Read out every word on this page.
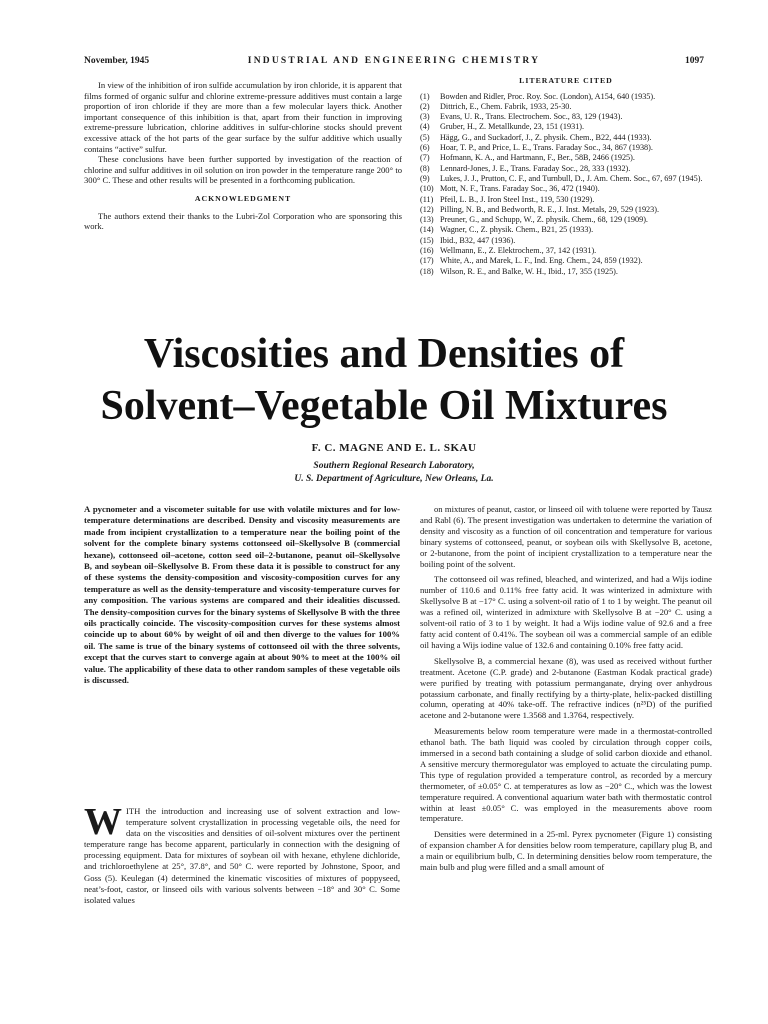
November, 1945	INDUSTRIAL AND ENGINEERING CHEMISTRY	1097

In view of the inhibition of iron sulfide accumulation by iron chloride, it is apparent that films formed of organic sulfur and chlorine extreme-pressure additives must contain a large proportion of iron chloride if they are more than a few molecular layers thick. Another important consequence of this inhibition is that, apart from their function in improving extreme-pressure lubrication, chlorine additives in sulfur-chlorine stocks should prevent excessive attack of the hot parts of the gear surface by the sulfur additive which usually contains “active” sulfur.

These conclusions have been further supported by investigation of the reaction of chlorine and sulfur additives in oil solution on iron powder in the temperature range 200° to 300° C. These and other results will be presented in a forthcoming publication.

ACKNOWLEDGMENT

The authors extend their thanks to the Lubri-Zol Corporation who are sponsoring this work.

LITERATURE CITED
(1) Bowden and Ridler, Proc. Roy. Soc. (London), A154, 640 (1935).
(2) Dittrich, E., Chem. Fabrik, 1933, 25-30.
(3) Evans, U. R., Trans. Electrochem. Soc., 83, 129 (1943).
(4) Gruber, H., Z. Metallkunde, 23, 151 (1931).
(5) Hägg, G., and Suckadorf, J., Z. physik. Chem., B22, 444 (1933).
(6) Hoar, T. P., and Price, L. E., Trans. Faraday Soc., 34, 867 (1938).
(7) Hofmann, K. A., and Hartmann, F., Ber., 58B, 2466 (1925).
(8) Lennard-Jones, J. E., Trans. Faraday Soc., 28, 333 (1932).
(9) Lukes, J. J., Prutton, C. F., and Turnbull, D., J. Am. Chem. Soc., 67, 697 (1945).
(10) Mott, N. F., Trans. Faraday Soc., 36, 472 (1940).
(11) Pfeil, L. B., J. Iron Steel Inst., 119, 530 (1929).
(12) Pilling, N. B., and Bedworth, R. E., J. Inst. Metals, 29, 529 (1923).
(13) Preuner, G., and Schupp, W., Z. physik. Chem., 68, 129 (1909).
(14) Wagner, C., Z. physik. Chem., B21, 25 (1933).
(15) Ibid., B32, 447 (1936).
(16) Wellmann, E., Z. Elektrochem., 37, 142 (1931).
(17) White, A., and Marek, L. F., Ind. Eng. Chem., 24, 859 (1932).
(18) Wilson, R. E., and Balke, W. H., Ibid., 17, 355 (1925).
Viscosities and Densities of
Solvent–Vegetable Oil Mixtures
F. C. MAGNE AND E. L. SKAU
Southern Regional Research Laboratory,
U. S. Department of Agriculture, New Orleans, La.
A pycnometer and a viscometer suitable for use with volatile mixtures and for low-temperature determinations are described. Density and viscosity measurements are made from incipient crystallization to a temperature near the boiling point of the solvent for the complete binary systems cottonseed oil–Skellysolve B (commercial hexane), cottonseed oil–acetone, cotton seed oil–2-butanone, peanut oil–Skellysolve B, and soybean oil–Skellysolve B. From these data it is possible to construct for any of these systems the density-composition and viscosity-composition curves for any temperature as well as the density-temperature and viscosity-temperature curves for any composition. The various systems are compared and their idealities discussed. The density-composition curves for the binary systems of Skellysolve B with the three oils practically coincide. The viscosity-composition curves for these systems almost coincide up to about 60% by weight of oil and then diverge to the values for 100% oil. The same is true of the binary systems of cottonseed oil with the three solvents, except that the curves start to converge again at about 90% to meet at the 100% oil value. The applicability of these data to other random samples of these vegetable oils is discussed.

WITH the introduction and increasing use of solvent extraction and low-temperature solvent crystallization in processing vegetable oils, the need for data on the viscosities and densities of oil-solvent mixtures over the pertinent temperature range has become apparent, particularly in connection with the designing of processing equipment. Data for mixtures of soybean oil with hexane, ethylene dichloride, and trichloroethylene at 25°, 37.8°, and 50° C. were reported by Johnstone, Spoor, and Goss (5). Keulegan (4) determined the kinematic viscosities of mixtures of poppyseed, neat’s-foot, castor, or linseed oils with various solvents between −18° and 30° C. Some isolated values

on mixtures of peanut, castor, or linseed oil with toluene were reported by Tausz and Rabl (6). The present investigation was undertaken to determine the variation of density and viscosity as a function of oil concentration and temperature for various binary systems of cottonseed, peanut, or soybean oils with Skellysolve B, acetone, or 2-butanone, from the point of incipient crystallization to a temperature near the boiling point of the solvent.

The cottonseed oil was refined, bleached, and winterized, and had a Wijs iodine number of 110.6 and 0.11% free fatty acid. It was winterized in admixture with Skellysolve B at −17° C. using a solvent-oil ratio of 1 to 1 by weight. The peanut oil was a refined oil, winterized in admixture with Skellysolve B at −20° C. using a solvent-oil ratio of 3 to 1 by weight. It had a Wijs iodine value of 92.6 and a free fatty acid content of 0.41%. The soybean oil was a commercial sample of an edible oil having a Wijs iodine value of 132.6 and containing 0.10% free fatty acid.

Skellysolve B, a commercial hexane (8), was used as received without further treatment. Acetone (C.P. grade) and 2-butanone (Eastman Kodak practical grade) were purified by treating with potassium permanganate, drying over anhydrous potassium carbonate, and finally rectifying by a thirty-plate, helix-packed distilling column, operating at 40% take-off. The refractive indices (n²⁵D) of the purified acetone and 2-butanone were 1.3568 and 1.3764, respectively.

Measurements below room temperature were made in a thermostat-controlled ethanol bath. The bath liquid was cooled by circulation through copper coils, immersed in a second bath containing a sludge of solid carbon dioxide and ethanol. A sensitive mercury thermoregulator was employed to actuate the circulating pump. This type of regulation provided a temperature control, as recorded by a mercury thermometer, of ±0.05° C. at temperatures as low as −20° C., which was the lowest temperature required. A conventional aquarium water bath with thermostatic control within at least ±0.05° C. was employed in the measurements above room temperature.

Densities were determined in a 25-ml. Pyrex pycnometer (Figure 1) consisting of expansion chamber A for densities below room temperature, capillary plug B, and a main or equilibrium bulb, C. In determining densities below room temperature, the main bulb and plug were filled and a small amount of
